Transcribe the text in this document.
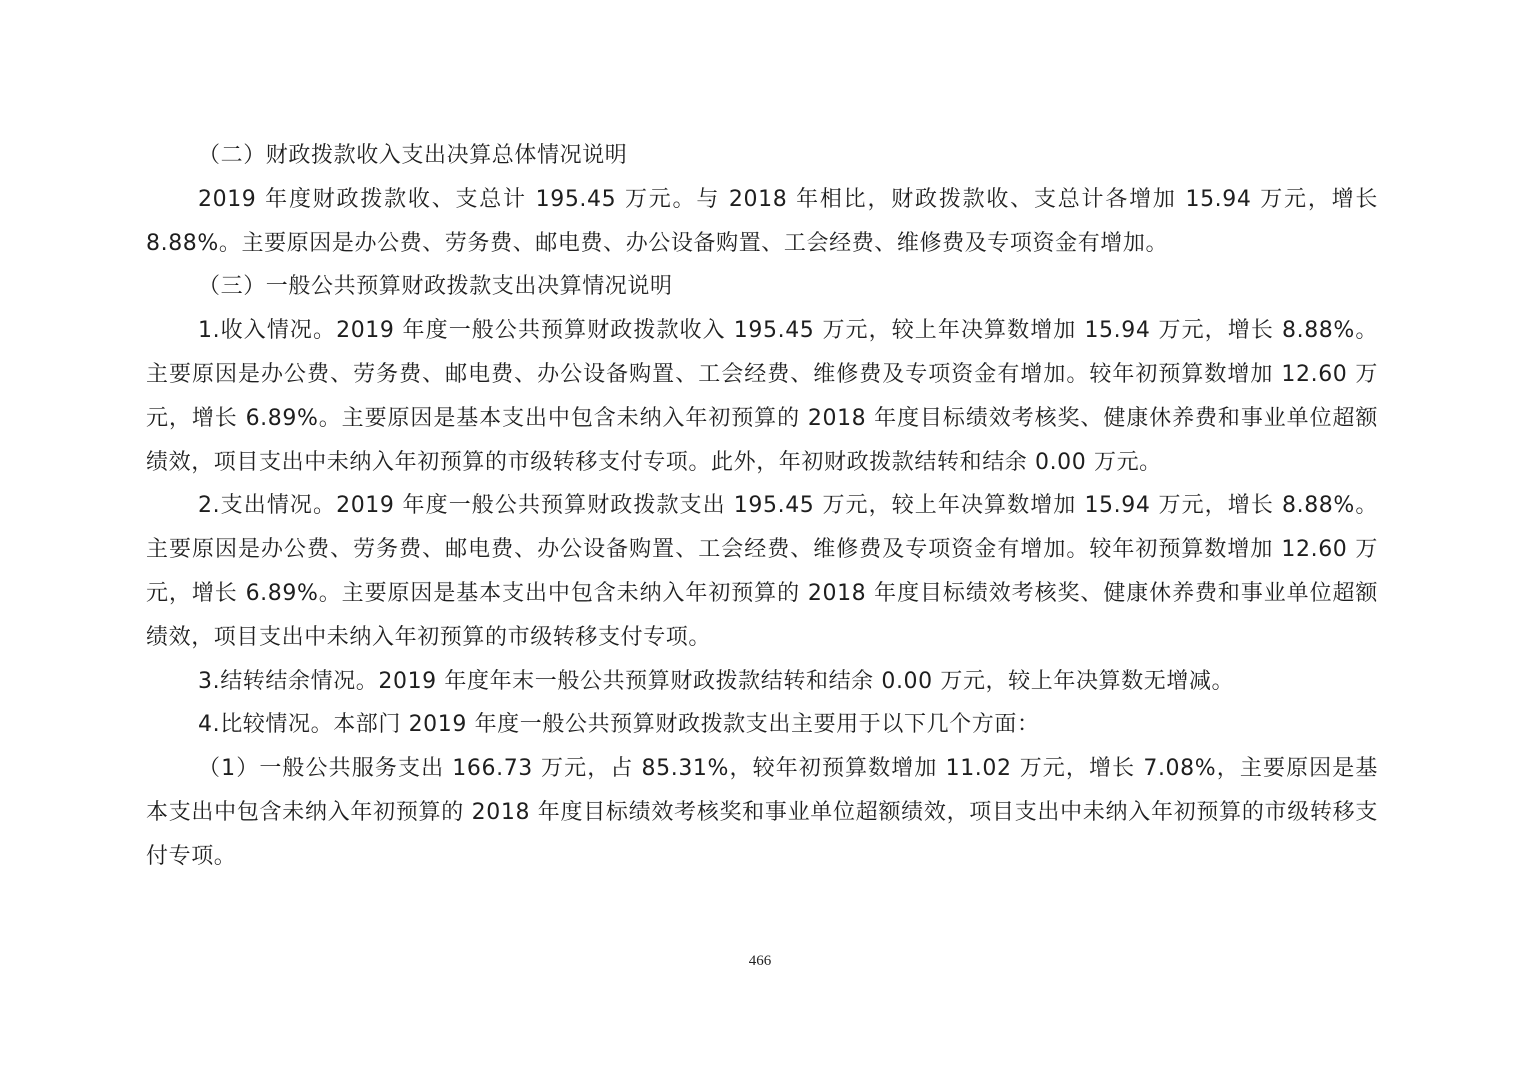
（二）财政拨款收入支出决算总体情况说明

2019 年度财政拨款收、支总计 195.45 万元。与 2018 年相比，财政拨款收、支总计各增加 15.94 万元，增长 8.88%。主要原因是办公费、劳务费、邮电费、办公设备购置、工会经费、维修费及专项资金有增加。

（三）一般公共预算财政拨款支出决算情况说明

1.收入情况。2019 年度一般公共预算财政拨款收入 195.45 万元，较上年决算数增加 15.94 万元，增长 8.88%。主要原因是办公费、劳务费、邮电费、办公设备购置、工会经费、维修费及专项资金有增加。较年初预算数增加 12.60 万元，增长 6.89%。主要原因是基本支出中包含未纳入年初预算的 2018 年度目标绩效考核奖、健康休养费和事业单位超额绩效，项目支出中未纳入年初预算的市级转移支付专项。此外，年初财政拨款结转和结余 0.00 万元。

2.支出情况。2019 年度一般公共预算财政拨款支出 195.45 万元，较上年决算数增加 15.94 万元，增长 8.88%。主要原因是办公费、劳务费、邮电费、办公设备购置、工会经费、维修费及专项资金有增加。较年初预算数增加 12.60 万元，增长 6.89%。主要原因是基本支出中包含未纳入年初预算的 2018 年度目标绩效考核奖、健康休养费和事业单位超额绩效，项目支出中未纳入年初预算的市级转移支付专项。

3.结转结余情况。2019 年度年末一般公共预算财政拨款结转和结余 0.00 万元，较上年决算数无增减。

4.比较情况。本部门 2019 年度一般公共预算财政拨款支出主要用于以下几个方面：

（1）一般公共服务支出 166.73 万元，占 85.31%，较年初预算数增加 11.02 万元，增长 7.08%，主要原因是基本支出中包含未纳入年初预算的 2018 年度目标绩效考核奖和事业单位超额绩效，项目支出中未纳入年初预算的市级转移支付专项。

466
